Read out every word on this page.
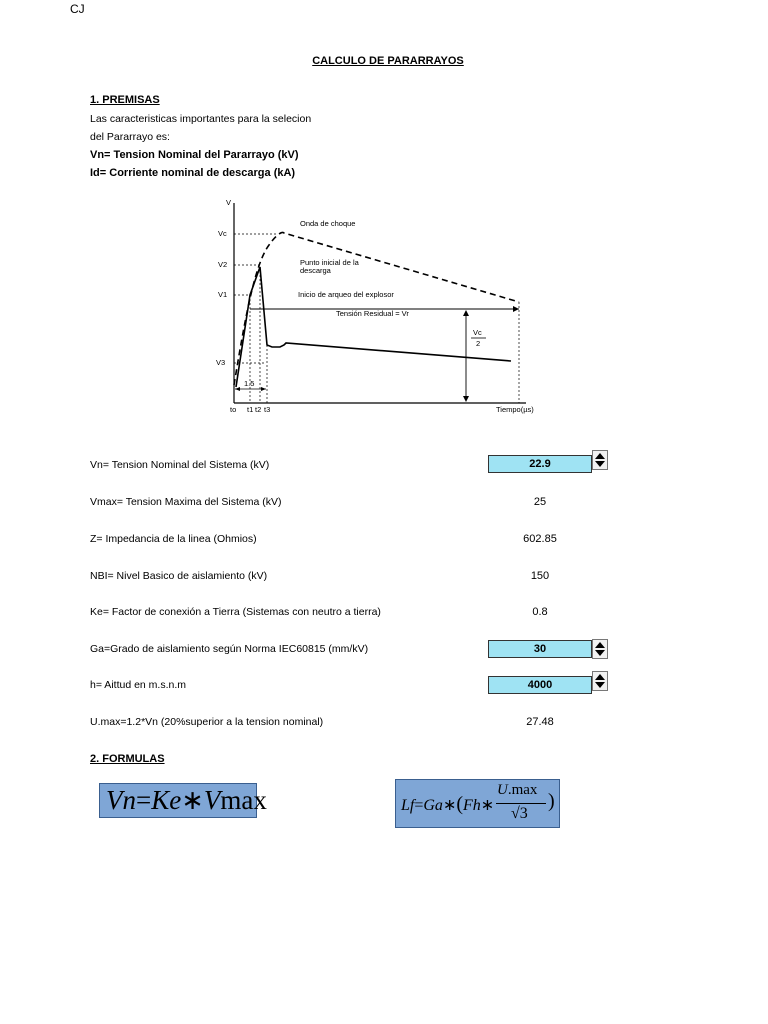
CJ
CALCULO DE PARARRAYOS
1. PREMISAS
Las caracteristicas importantes para la selecion
del Pararrayo es:
Vn= Tension Nominal del Pararrayo (kV)
Id= Corriente nominal de descarga (kA)
V
Vc
V2
V1
V3
Onda de choque
Punto inicial de la
descarga
Inicio de arqueo del explosor
Tensión Residual = Vr
Vc
2
1.5
to t1 t2 t3	Tiempo(µs)
Vn= Tension Nominal del Sistema (kV)	22.9
Vmax= Tension Maxima del Sistema (kV)	25
Z= Impedancia de la linea (Ohmios)	602.85
NBI= Nivel Basico de aislamiento (kV)	150
Ke= Factor de conexión a Tierra (Sistemas con neutro a tierra)	0.8
Ga=Grado de aislamiento según Norma IEC60815 (mm/kV)	30
h= Aittud en m.s.n.m	4000
U.max=1.2*Vn (20%superior a la tension nominal)	27.48
2. FORMULAS
Vn=Ke∗Vmax	Lf=Ga∗(Fh∗
U.max
√3
)
